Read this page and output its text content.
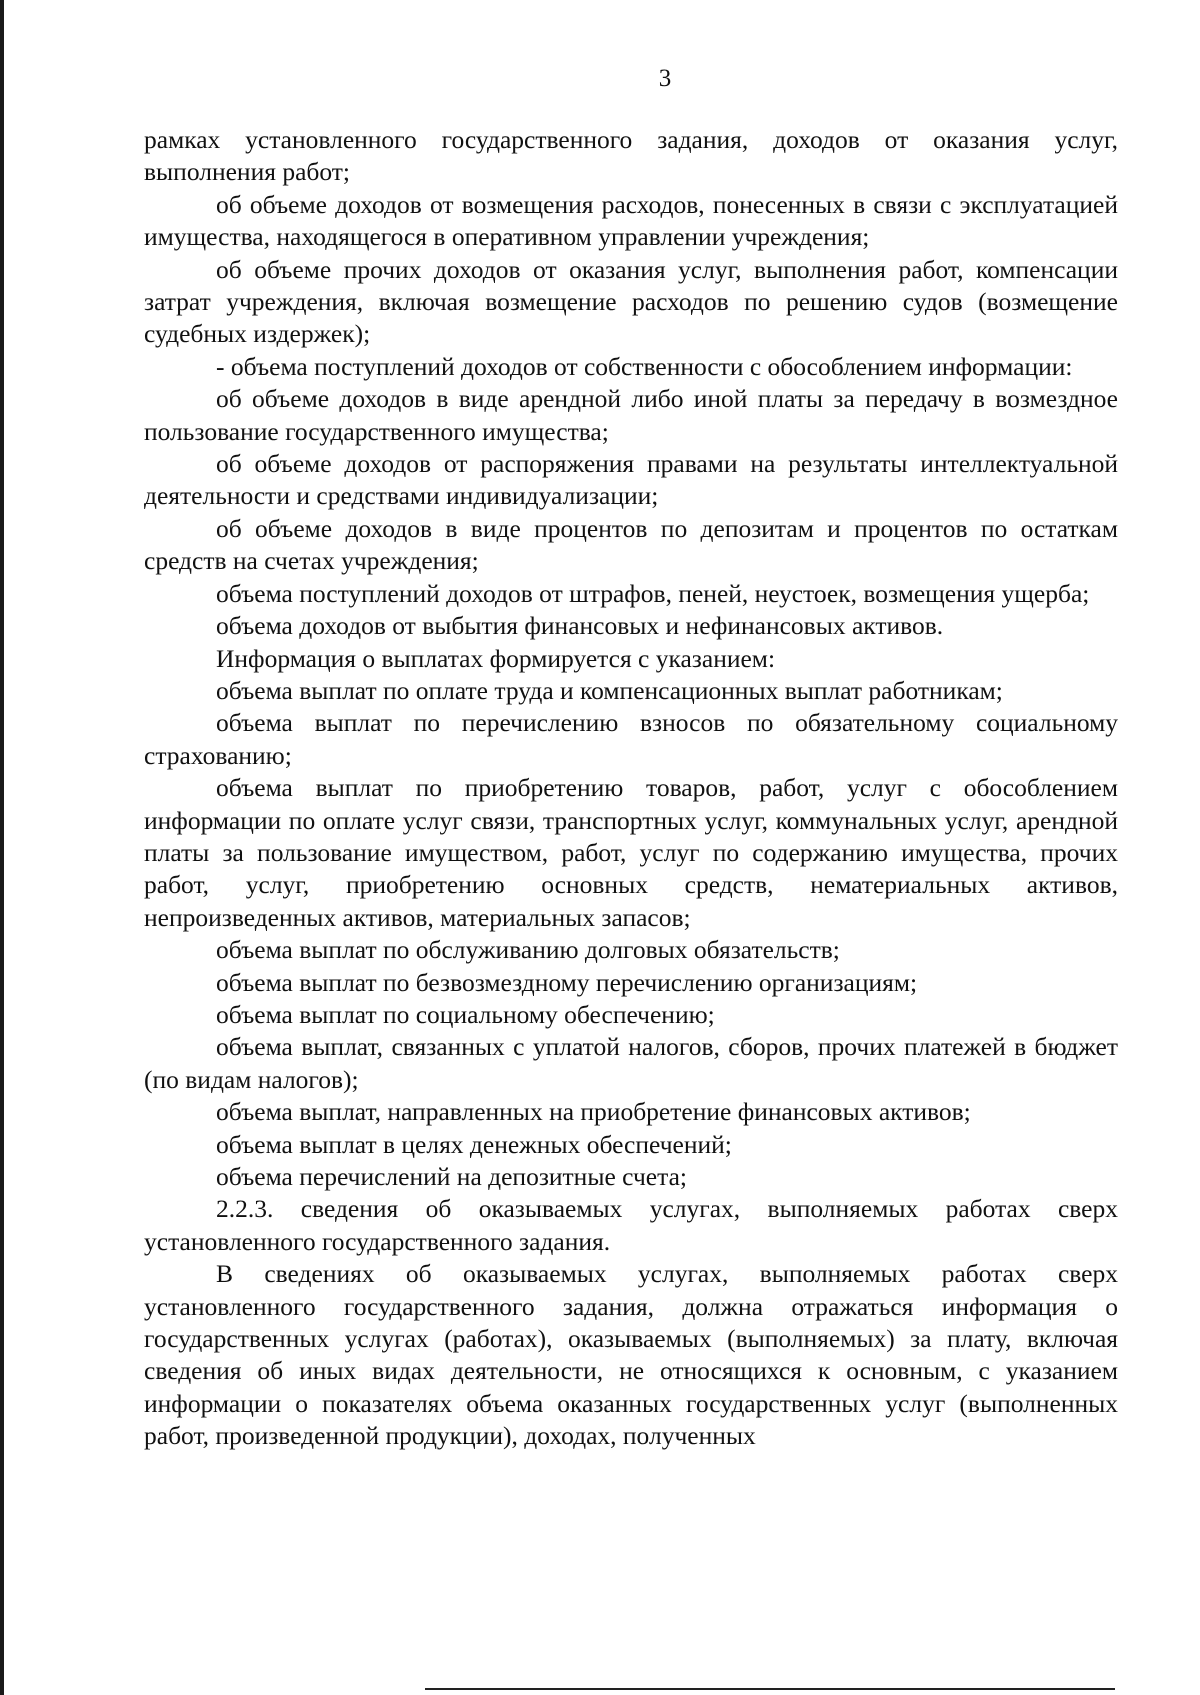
3

рамках установленного государственного задания, доходов от оказания услуг, выполнения работ;

об объеме доходов от возмещения расходов, понесенных в связи с эксплуатацией имущества, находящегося в оперативном управлении учреждения;

об объеме прочих доходов от оказания услуг, выполнения работ, компенсации затрат учреждения, включая возмещение расходов по решению судов (возмещение судебных издержек);

- объема поступлений доходов от собственности с обособлением информации:

об объеме доходов в виде арендной либо иной платы за передачу в возмездное пользование государственного имущества;

об объеме доходов от распоряжения правами на результаты интеллектуальной деятельности и средствами индивидуализации;

об объеме доходов в виде процентов по депозитам и процентов по остаткам средств на счетах учреждения;

объема поступлений доходов от штрафов, пеней, неустоек, возмещения ущерба;

объема доходов от выбытия финансовых и нефинансовых активов.

Информация о выплатах формируется с указанием:

объема выплат по оплате труда и компенсационных выплат работникам;

объема выплат по перечислению взносов по обязательному социальному страхованию;

объема выплат по приобретению товаров, работ, услуг с обособлением информации по оплате услуг связи, транспортных услуг, коммунальных услуг, арендной платы за пользование имуществом, работ, услуг по содержанию имущества, прочих работ, услуг, приобретению основных средств, нематериальных активов, непроизведенных активов, материальных запасов;

объема выплат по обслуживанию долговых обязательств;

объема выплат по безвозмездному перечислению организациям;

объема выплат по социальному обеспечению;

объема выплат, связанных с уплатой налогов, сборов, прочих платежей в бюджет (по видам налогов);

объема выплат, направленных на приобретение финансовых активов;

объема выплат в целях денежных обеспечений;

объема перечислений на депозитные счета;

2.2.3. сведения об оказываемых услугах, выполняемых работах сверх установленного государственного задания.

В сведениях об оказываемых услугах, выполняемых работах сверх установленного государственного задания, должна отражаться информация о государственных услугах (работах), оказываемых (выполняемых) за плату, включая сведения об иных видах деятельности, не относящихся к основным, с указанием информации о показателях объема оказанных государственных услуг (выполненных работ, произведенной продукции), доходах, полученных
